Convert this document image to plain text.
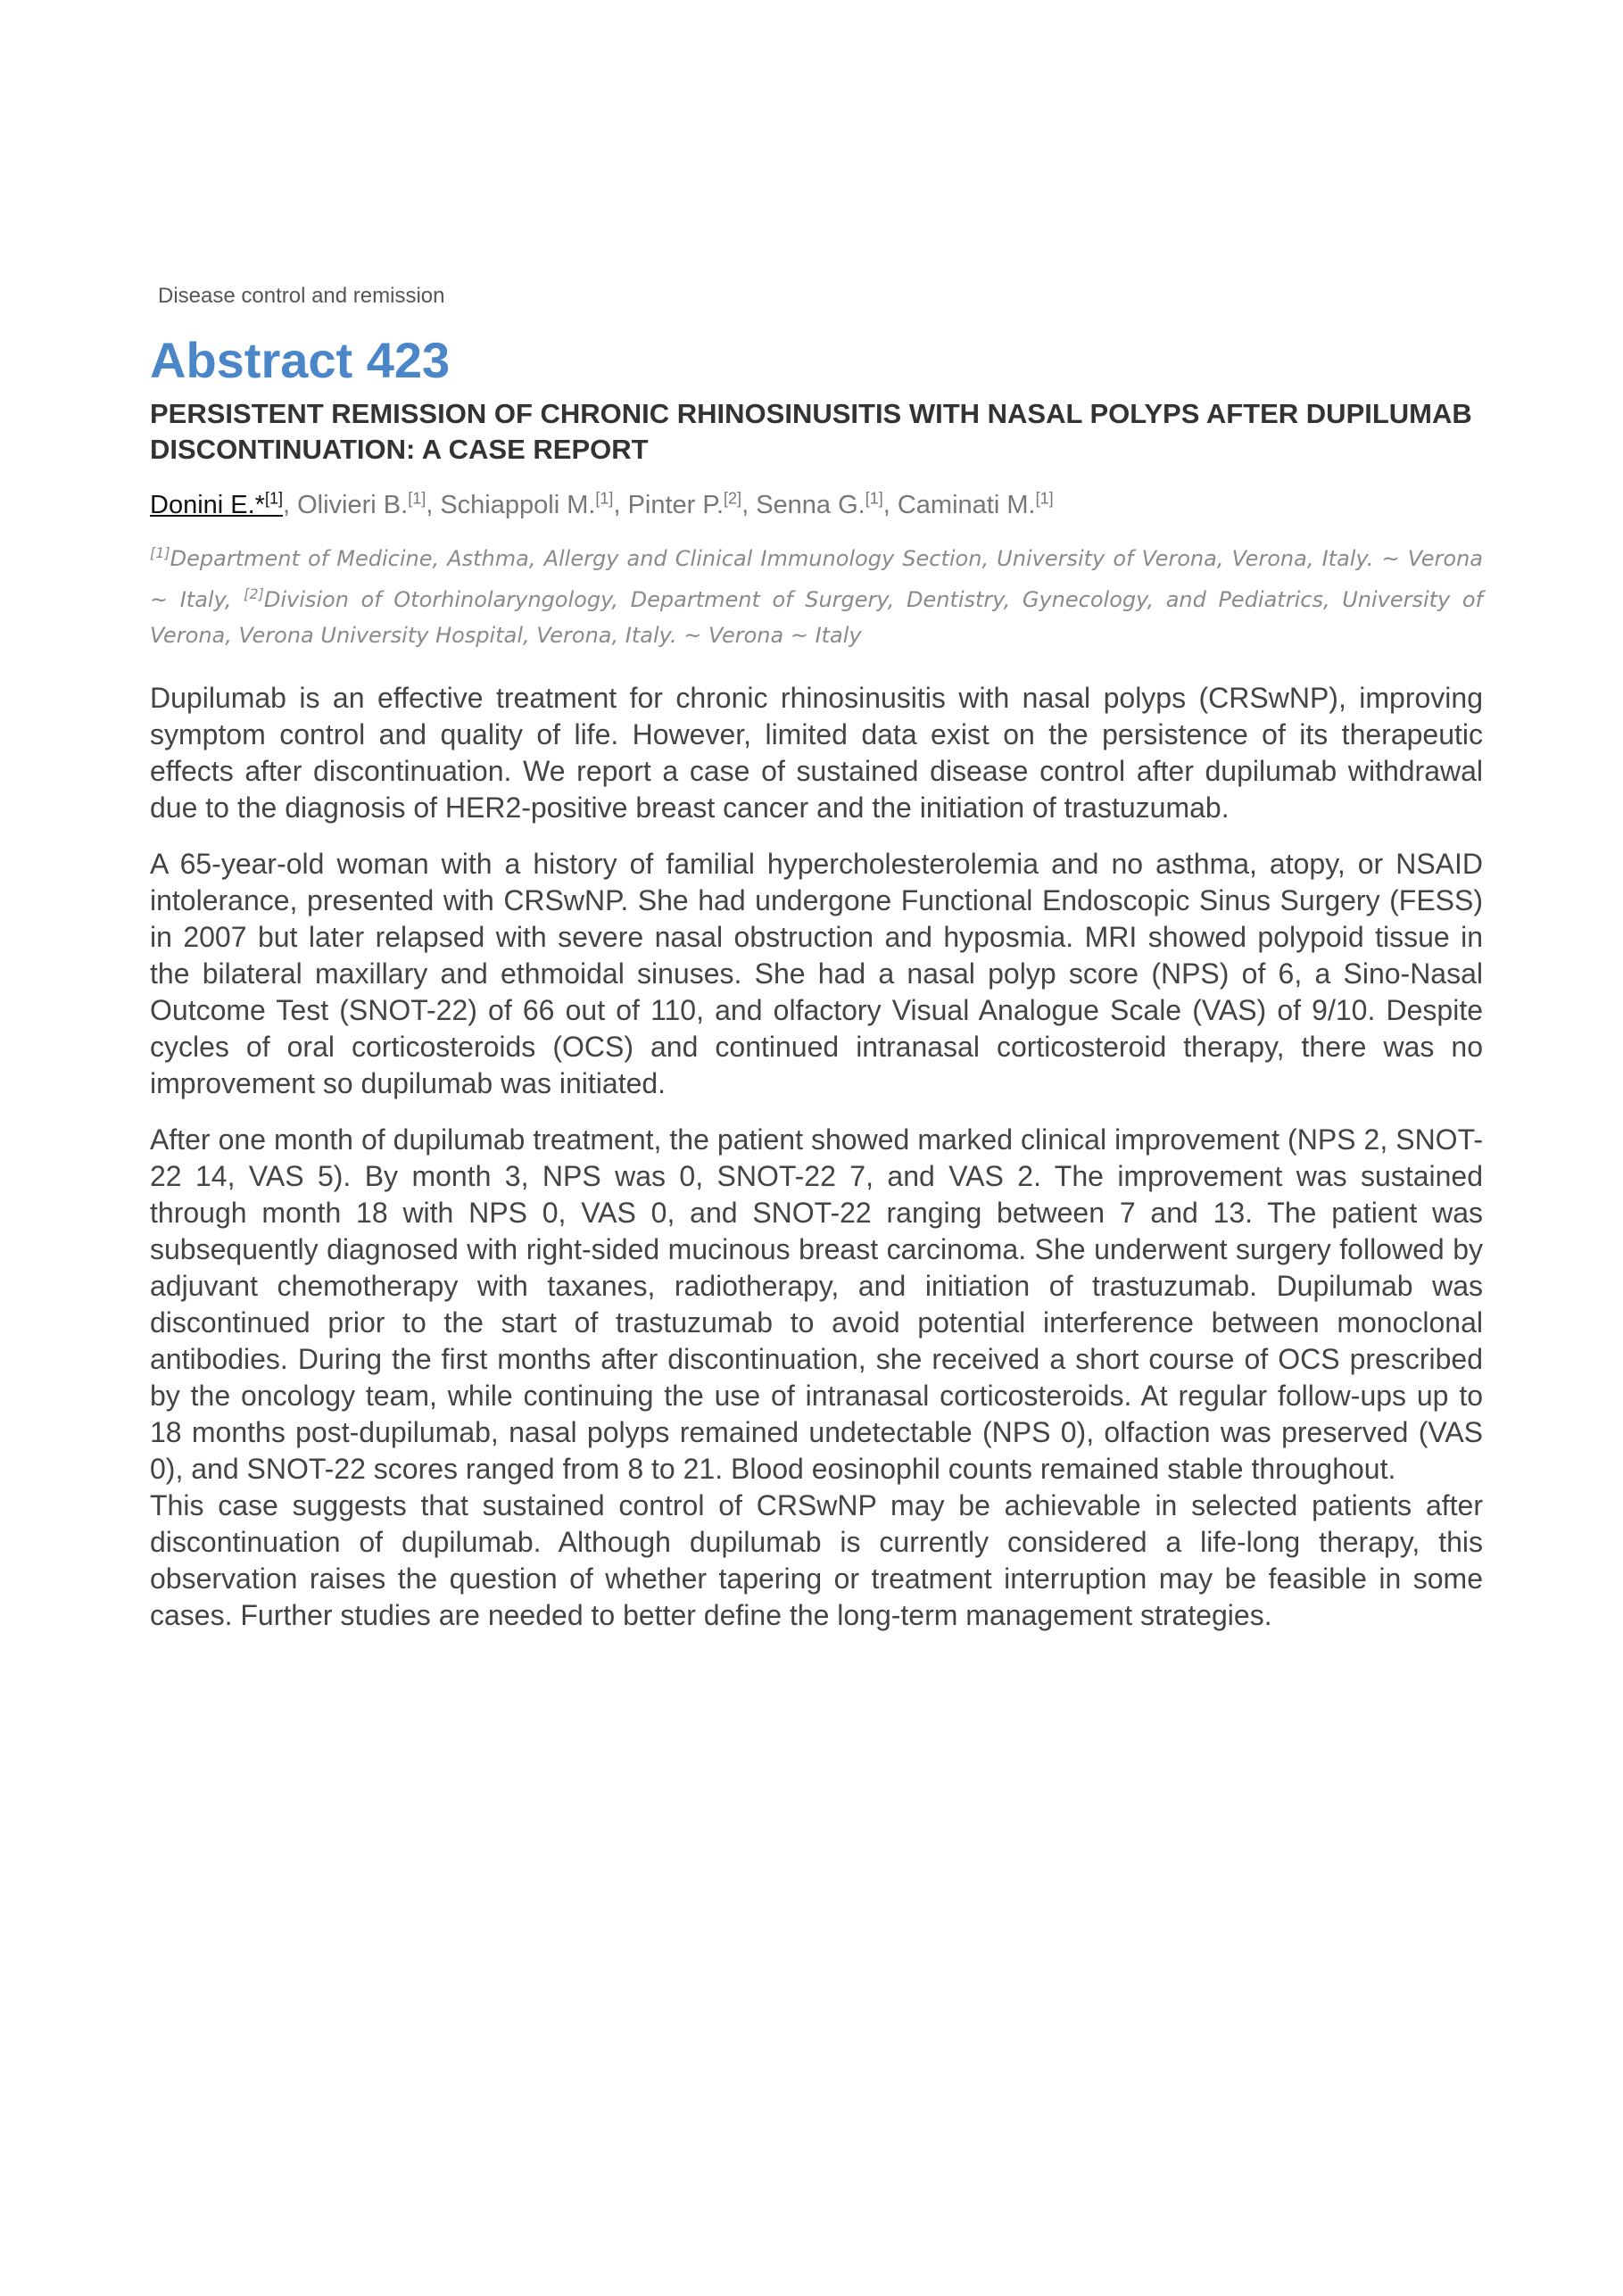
Disease control and remission
Abstract 423
PERSISTENT REMISSION OF CHRONIC RHINOSINUSITIS WITH NASAL POLYPS AFTER DUPILUMAB DISCONTINUATION: A CASE REPORT
Donini E.*[1], Olivieri B.[1], Schiappoli M.[1], Pinter P.[2], Senna G.[1], Caminati M.[1]
[1]Department of Medicine, Asthma, Allergy and Clinical Immunology Section, University of Verona, Verona, Italy. ~ Verona ~ Italy, [2]Division of Otorhinolaryngology, Department of Surgery, Dentistry, Gynecology, and Pediatrics, University of Verona, Verona University Hospital, Verona, Italy. ~ Verona ~ Italy

Dupilumab is an effective treatment for chronic rhinosinusitis with nasal polyps (CRSwNP), improving symptom control and quality of life. However, limited data exist on the persistence of its therapeutic effects after discontinuation. We report a case of sustained disease control after dupilumab withdrawal due to the diagnosis of HER2-positive breast cancer and the initiation of trastuzumab.

A 65-year-old woman with a history of familial hypercholesterolemia and no asthma, atopy, or NSAID intolerance, presented with CRSwNP. She had undergone Functional Endoscopic Sinus Surgery (FESS) in 2007 but later relapsed with severe nasal obstruction and hyposmia. MRI showed polypoid tissue in the bilateral maxillary and ethmoidal sinuses. She had a nasal polyp score (NPS) of 6, a Sino-Nasal Outcome Test (SNOT-22) of 66 out of 110, and olfactory Visual Analogue Scale (VAS) of 9/10. Despite cycles of oral corticosteroids (OCS) and continued intranasal corticosteroid therapy, there was no improvement so dupilumab was initiated.

After one month of dupilumab treatment, the patient showed marked clinical improvement (NPS 2, SNOT-22 14, VAS 5). By month 3, NPS was 0, SNOT-22 7, and VAS 2. The improvement was sustained through month 18 with NPS 0, VAS 0, and SNOT-22 ranging between 7 and 13. The patient was subsequently diagnosed with right-sided mucinous breast carcinoma. She underwent surgery followed by adjuvant chemotherapy with taxanes, radiotherapy, and initiation of trastuzumab. Dupilumab was discontinued prior to the start of trastuzumab to avoid potential interference between monoclonal antibodies. During the first months after discontinuation, she received a short course of OCS prescribed by the oncology team, while continuing the use of intranasal corticosteroids. At regular follow-ups up to 18 months post-dupilumab, nasal polyps remained undetectable (NPS 0), olfaction was preserved (VAS 0), and SNOT-22 scores ranged from 8 to 21. Blood eosinophil counts remained stable throughout.

This case suggests that sustained control of CRSwNP may be achievable in selected patients after discontinuation of dupilumab. Although dupilumab is currently considered a life-long therapy, this observation raises the question of whether tapering or treatment interruption may be feasible in some cases. Further studies are needed to better define the long-term management strategies.
